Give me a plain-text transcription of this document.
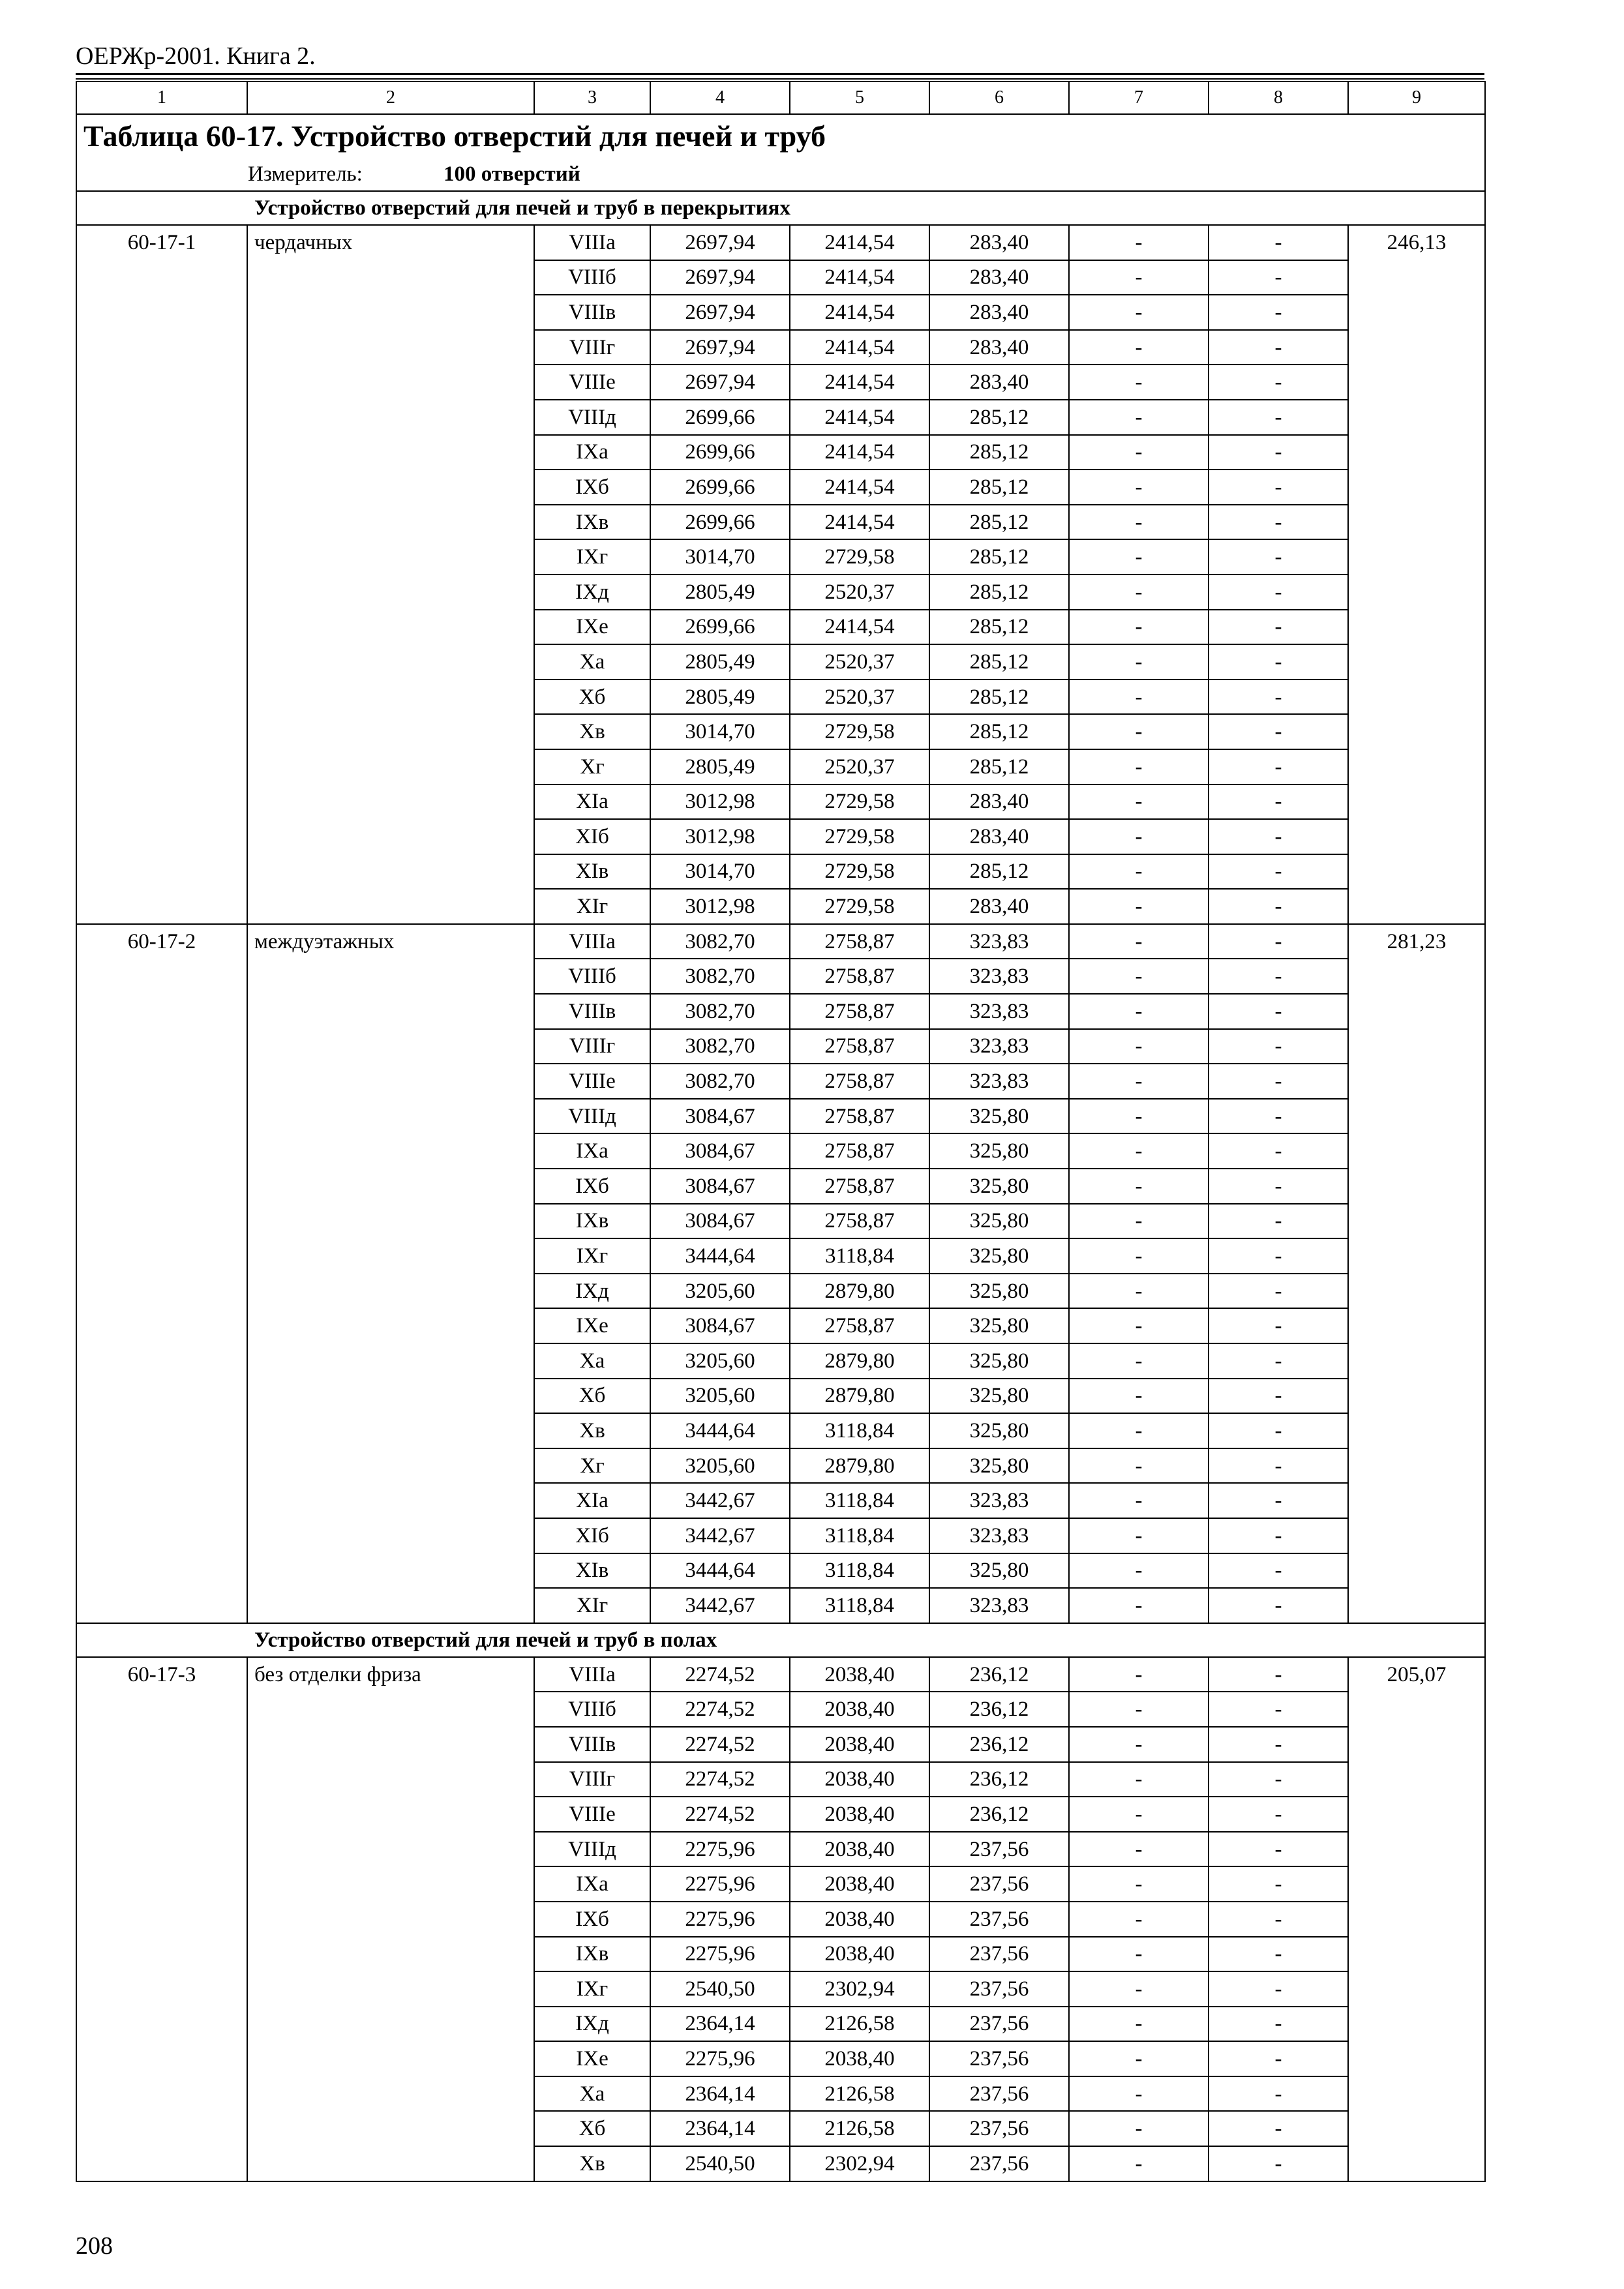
ОЕРЖр-2001. Книга 2.
1	2	3	4	5	6	7	8	9
Таблица 60-17. Устройство отверстий для печей и труб								
Измеритель: 100 отверстий								
Устройство отверстий для печей и труб в перекрытиях								
60-17-1	чердачных	VIIIа	2697,94	2414,54	283,40	-	-	246,13
		VIIIб	2697,94	2414,54	283,40	-	-	
		VIIIв	2697,94	2414,54	283,40	-	-	
		VIIIг	2697,94	2414,54	283,40	-	-	
		VIIIе	2697,94	2414,54	283,40	-	-	
		VIIIд	2699,66	2414,54	285,12	-	-	
		IXа	2699,66	2414,54	285,12	-	-	
		IXб	2699,66	2414,54	285,12	-	-	
		IXв	2699,66	2414,54	285,12	-	-	
		IXг	3014,70	2729,58	285,12	-	-	
		IXд	2805,49	2520,37	285,12	-	-	
		IXе	2699,66	2414,54	285,12	-	-	
		Xа	2805,49	2520,37	285,12	-	-	
		Xб	2805,49	2520,37	285,12	-	-	
		Xв	3014,70	2729,58	285,12	-	-	
		Xг	2805,49	2520,37	285,12	-	-	
		XIа	3012,98	2729,58	283,40	-	-	
		XIб	3012,98	2729,58	283,40	-	-	
		XIв	3014,70	2729,58	285,12	-	-	
		XIг	3012,98	2729,58	283,40	-	-	
60-17-2	междуэтажных	VIIIа	3082,70	2758,87	323,83	-	-	281,23
		VIIIб	3082,70	2758,87	323,83	-	-	
		VIIIв	3082,70	2758,87	323,83	-	-	
		VIIIг	3082,70	2758,87	323,83	-	-	
		VIIIе	3082,70	2758,87	323,83	-	-	
		VIIIд	3084,67	2758,87	325,80	-	-	
		IXа	3084,67	2758,87	325,80	-	-	
		IXб	3084,67	2758,87	325,80	-	-	
		IXв	3084,67	2758,87	325,80	-	-	
		IXг	3444,64	3118,84	325,80	-	-	
		IXд	3205,60	2879,80	325,80	-	-	
		IXе	3084,67	2758,87	325,80	-	-	
		Xа	3205,60	2879,80	325,80	-	-	
		Xб	3205,60	2879,80	325,80	-	-	
		Xв	3444,64	3118,84	325,80	-	-	
		Xг	3205,60	2879,80	325,80	-	-	
		XIа	3442,67	3118,84	323,83	-	-	
		XIб	3442,67	3118,84	323,83	-	-	
		XIв	3444,64	3118,84	325,80	-	-	
		XIг	3442,67	3118,84	323,83	-	-	
Устройство отверстий для печей и труб в полах								
60-17-3	без отделки фриза	VIIIа	2274,52	2038,40	236,12	-	-	205,07
		VIIIб	2274,52	2038,40	236,12	-	-	
		VIIIв	2274,52	2038,40	236,12	-	-	
		VIIIг	2274,52	2038,40	236,12	-	-	
		VIIIе	2274,52	2038,40	236,12	-	-	
		VIIIд	2275,96	2038,40	237,56	-	-	
		IXа	2275,96	2038,40	237,56	-	-	
		IXб	2275,96	2038,40	237,56	-	-	
		IXв	2275,96	2038,40	237,56	-	-	
		IXг	2540,50	2302,94	237,56	-	-	
		IXд	2364,14	2126,58	237,56	-	-	
		IXе	2275,96	2038,40	237,56	-	-	
		Xа	2364,14	2126,58	237,56	-	-	
		Xб	2364,14	2126,58	237,56	-	-	
		Xв	2540,50	2302,94	237,56	-	-	
208
